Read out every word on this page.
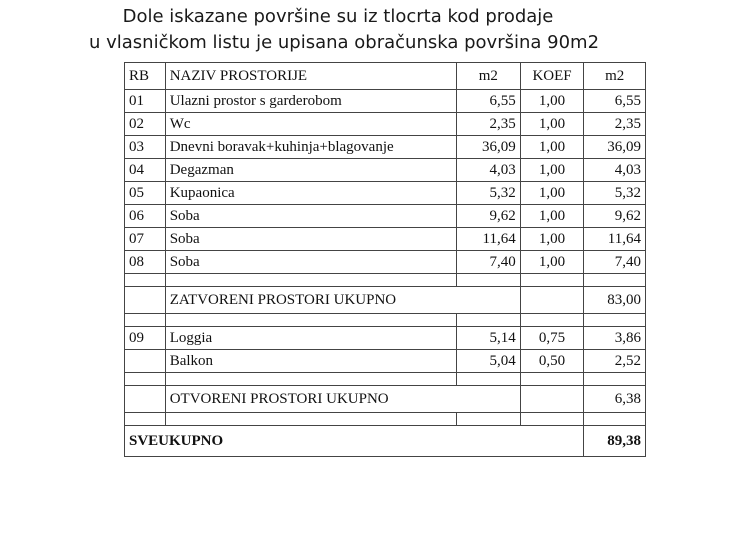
Dole iskazane površine su iz tlocrta kod prodaje
u vlasničkom listu je upisana obračunska površina 90m2
RB	NAZIV PROSTORIJE	m2	KOEF	m2
01	Ulazni prostor s garderobom	6,55	1,00	6,55
02	Wc	2,35	1,00	2,35
03	Dnevni boravak+kuhinja+blagovanje	36,09	1,00	36,09
04	Degazman	4,03	1,00	4,03
05	Kupaonica	5,32	1,00	5,32
06	Soba	9,62	1,00	9,62
07	Soba	11,64	1,00	11,64
08	Soba	7,40	1,00	7,40

	ZATVORENI PROSTORI UKUPNO			83,00

09	Loggia	5,14	0,75	3,86
	Balkon	5,04	0,50	2,52

	OTVORENI PROSTORI UKUPNO			6,38

SVEUKUPNO				89,38
